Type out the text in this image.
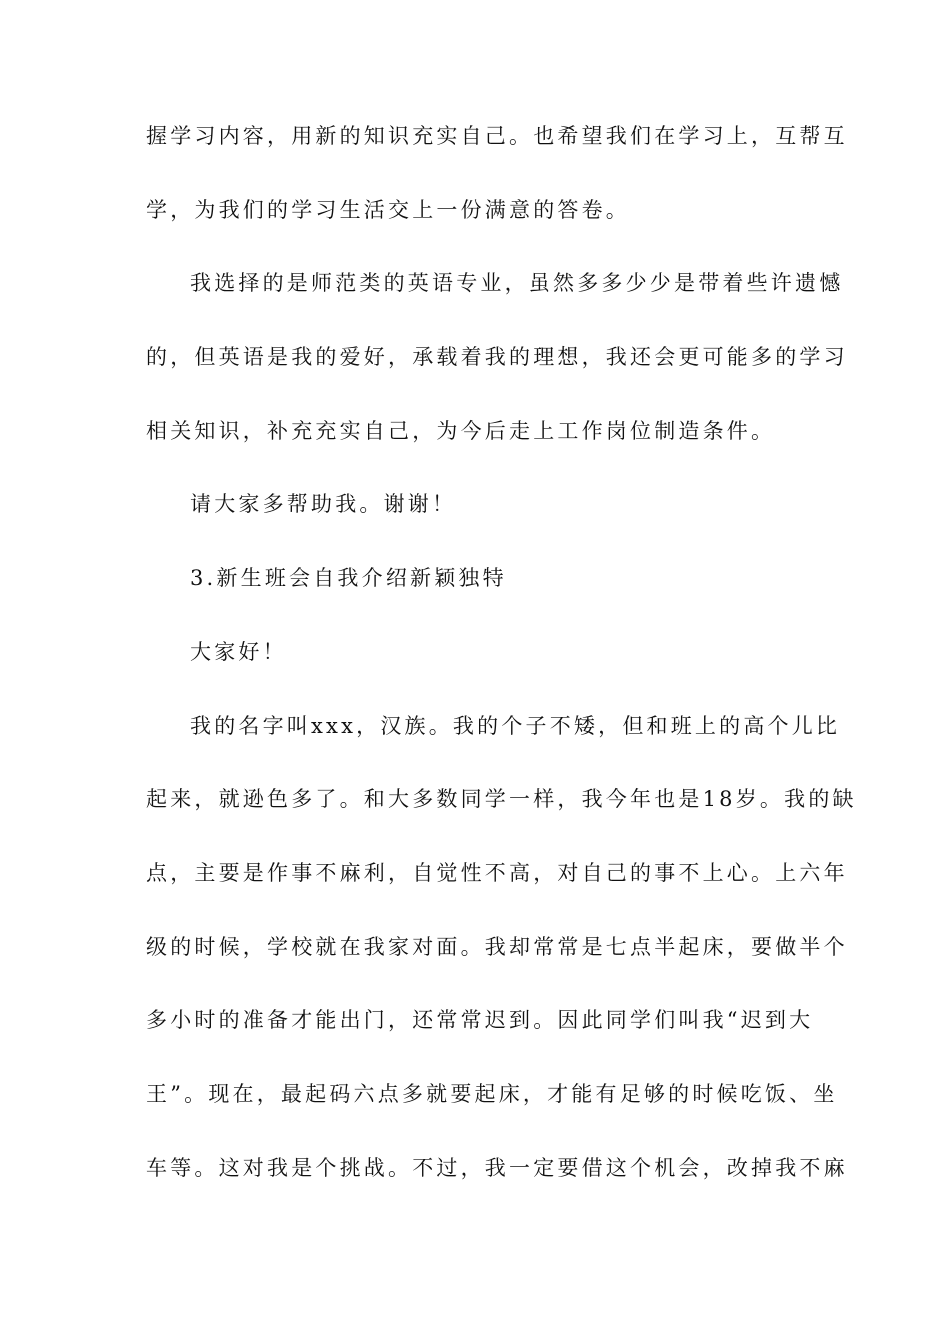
握学习内容，用新的知识充实自己。也希望我们在学习上，互帮互
学，为我们的学习生活交上一份满意的答卷。
我选择的是师范类的英语专业，虽然多多少少是带着些许遗憾
的，但英语是我的爱好，承载着我的理想，我还会更可能多的学习
相关知识，补充充实自己，为今后走上工作岗位制造条件。
请大家多帮助我。谢谢！
3.新生班会自我介绍新颖独特
大家好！
我的名字叫xxx，汉族。我的个子不矮，但和班上的高个儿比
起来，就逊色多了。和大多数同学一样，我今年也是18岁。我的缺
点，主要是作事不麻利，自觉性不高，对自己的事不上心。上六年
级的时候，学校就在我家对面。我却常常是七点半起床，要做半个
多小时的准备才能出门，还常常迟到。因此同学们叫我“迟到大
王”。现在，最起码六点多就要起床，才能有足够的时候吃饭、坐
车等。这对我是个挑战。不过，我一定要借这个机会，改掉我不麻
